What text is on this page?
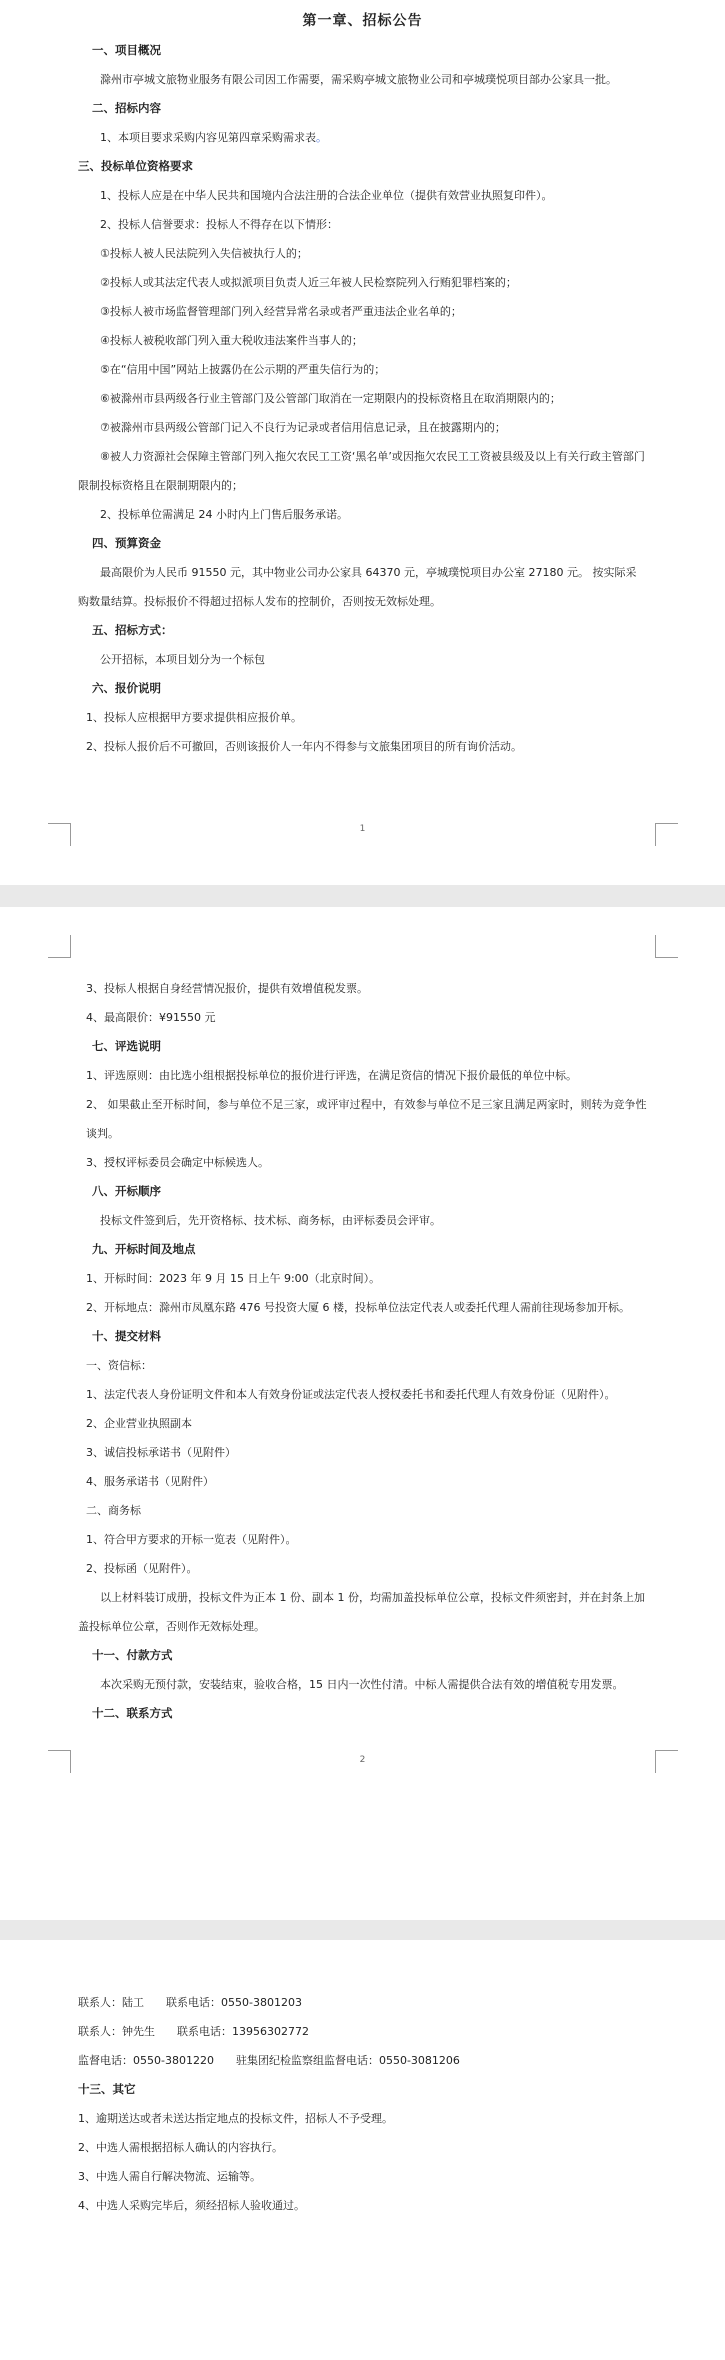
第一章、招标公告

一、项目概况

滁州市亭城文旅物业服务有限公司因工作需要，需采购亭城文旅物业公司和亭城璞悦项目部办公家具一批。

二、招标内容

1、本项目要求采购内容见第四章采购需求表。

三、投标单位资格要求

1、投标人应是在中华人民共和国境内合法注册的合法企业单位（提供有效营业执照复印件）。

2、投标人信誉要求：投标人不得存在以下情形：

①投标人被人民法院列入失信被执行人的；

②投标人或其法定代表人或拟派项目负责人近三年被人民检察院列入行贿犯罪档案的；

③投标人被市场监督管理部门列入经营异常名录或者严重违法企业名单的；

④投标人被税收部门列入重大税收违法案件当事人的；

⑤在“信用中国”网站上披露仍在公示期的严重失信行为的；

⑥被滁州市县两级各行业主管部门及公管部门取消在一定期限内的投标资格且在取消期限内的；

⑦被滁州市县两级公管部门记入不良行为记录或者信用信息记录，且在披露期内的；

⑧被人力资源社会保障主管部门列入拖欠农民工工资‘黑名单’或因拖欠农民工工资被县级及以上有关行政主管部门限制投标资格且在限制期限内的；

2、投标单位需满足 24 小时内上门售后服务承诺。

四、预算资金

最高限价为人民币 91550 元，其中物业公司办公家具 64370 元，亭城璞悦项目办公室 27180 元。 按实际采购数量结算。投标报价不得超过招标人发布的控制价，否则按无效标处理。

五、招标方式：

公开招标，本项目划分为一个标包

六、报价说明

1、投标人应根据甲方要求提供相应报价单。

2、投标人报价后不可撤回，否则该报价人一年内不得参与文旅集团项目的所有询价活动。

1

3、投标人根据自身经营情况报价，提供有效增值税发票。

4、最高限价：¥91550 元

七、评选说明

1、评选原则：由比选小组根据投标单位的报价进行评选，在满足资信的情况下报价最低的单位中标。

2、 如果截止至开标时间，参与单位不足三家，或评审过程中，有效参与单位不足三家且满足两家时，则转为竞争性谈判。

3、授权评标委员会确定中标候选人。

八、开标顺序

投标文件签到后，先开资格标、技术标、商务标，由评标委员会评审。

九、开标时间及地点

1、开标时间：2023 年 9 月 15 日上午 9:00（北京时间）。

2、开标地点：滁州市凤凰东路 476 号投资大厦 6 楼，投标单位法定代表人或委托代理人需前往现场参加开标。

十、提交材料

一、资信标：

1、法定代表人身份证明文件和本人有效身份证或法定代表人授权委托书和委托代理人有效身份证（见附件）。

2、企业营业执照副本

3、诚信投标承诺书（见附件）

4、服务承诺书（见附件）

二、商务标

1、符合甲方要求的开标一览表（见附件）。

2、投标函（见附件）。

以上材料装订成册，投标文件为正本 1 份、副本 1 份，均需加盖投标单位公章，投标文件须密封，并在封条上加盖投标单位公章，否则作无效标处理。

十一、付款方式

本次采购无预付款，安装结束，验收合格，15 日内一次性付清。中标人需提供合法有效的增值税专用发票。

十二、联系方式

2

联系人：陆工 联系电话：0550-3801203

联系人：钟先生 联系电话：13956302772

监督电话：0550-3801220 驻集团纪检监察组监督电话：0550-3081206

十三、其它

1、逾期送达或者未送达指定地点的投标文件，招标人不予受理。

2、中选人需根据招标人确认的内容执行。

3、中选人需自行解决物流、运输等。

4、中选人采购完毕后，须经招标人验收通过。
